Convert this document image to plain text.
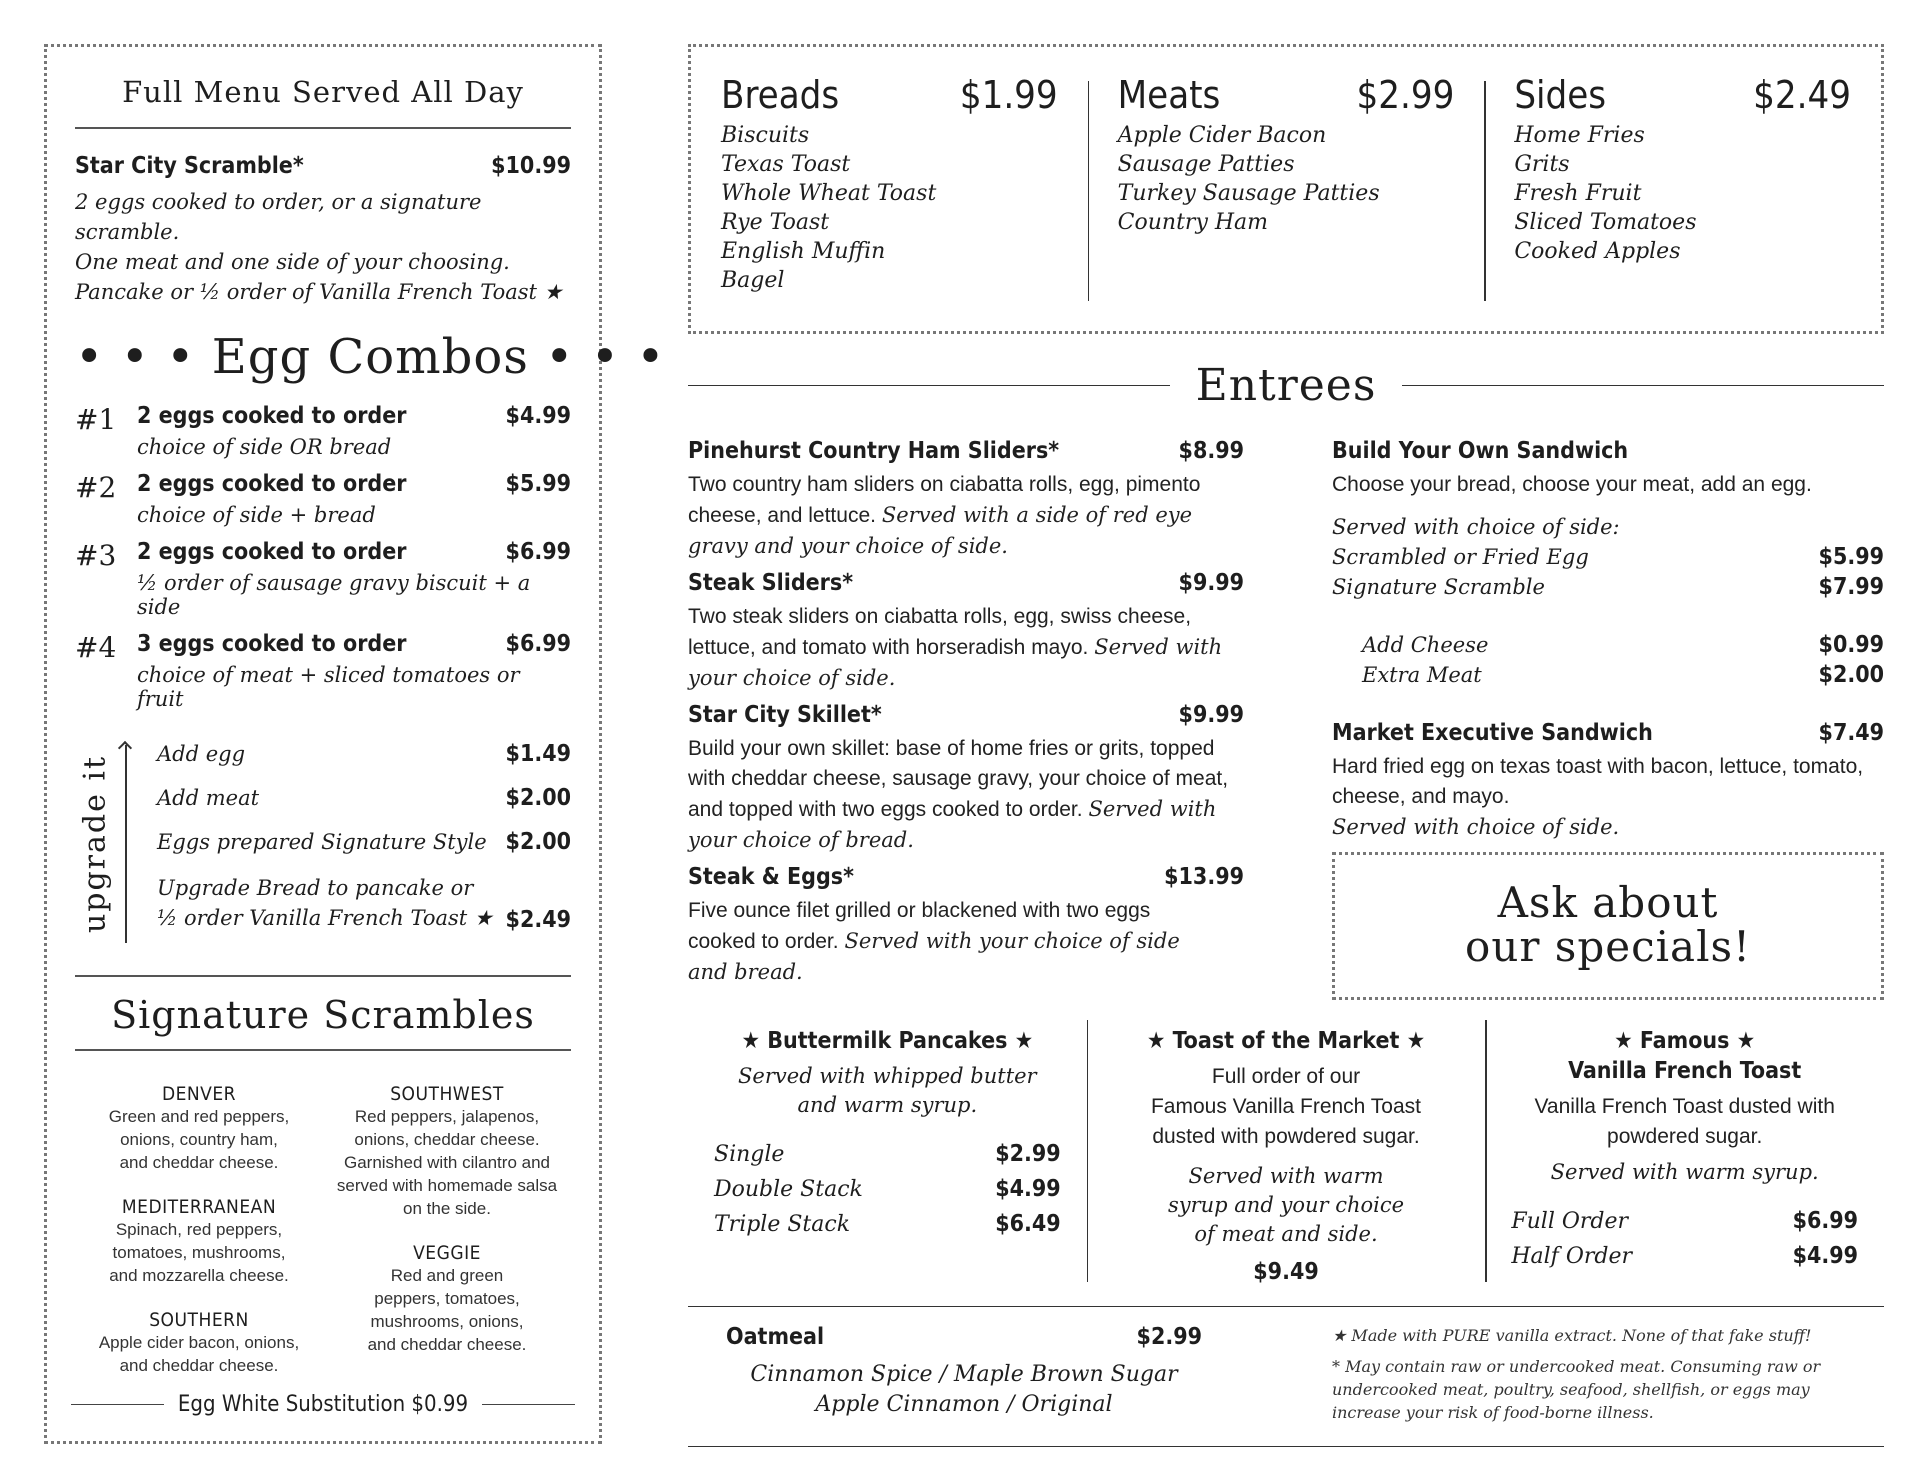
Full Menu Served All Day
Star City Scramble*	$10.99
2 eggs cooked to order, or a signature scramble.
One meat and one side of your choosing.
Pancake or ½ order of Vanilla French Toast ★
• • • Egg Combos • • •
#1 2 eggs cooked to order	$4.99
choice of side OR bread
#2 2 eggs cooked to order	$5.99
choice of side + bread
#3 2 eggs cooked to order	$6.99
½ order of sausage gravy biscuit + a side
#4 3 eggs cooked to order	$6.99
choice of meat + sliced tomatoes or fruit
upgrade it
Add egg	$1.49
Add meat	$2.00
Eggs prepared Signature Style $2.00
Upgrade Bread to pancake or
½ order Vanilla French Toast ★ $2.49
Signature Scrambles
DENVER
Green and red peppers,
onions, country ham,
and cheddar cheese.
MEDITERRANEAN
Spinach, red peppers,
tomatoes, mushrooms,
and mozzarella cheese.
SOUTHERN
Apple cider bacon, onions,
and cheddar cheese.
SOUTHWEST
Red peppers, jalapenos,
onions, cheddar cheese.
Garnished with cilantro and
served with homemade salsa
on the side.
VEGGIE
Red and green
peppers, tomatoes,
mushrooms, onions,
and cheddar cheese.
Egg White Substitution $0.99
Breads	$1.99
Biscuits
Texas Toast
Whole Wheat Toast
Rye Toast
English Muffin
Bagel
Meats	$2.99
Apple Cider Bacon
Sausage Patties
Turkey Sausage Patties
Country Ham
Sides	$2.49
Home Fries
Grits
Fresh Fruit
Sliced Tomatoes
Cooked Apples
Entrees
Pinehurst Country Ham Sliders*	$8.99
Two country ham sliders on ciabatta rolls, egg, pimento cheese, and lettuce. Served with a side of red eye gravy and your choice of side.
Steak Sliders*	$9.99
Two steak sliders on ciabatta rolls, egg, swiss cheese, lettuce, and tomato with horseradish mayo. Served with your choice of side.
Star City Skillet*	$9.99
Build your own skillet: base of home fries or grits, topped with cheddar cheese, sausage gravy, your choice of meat, and topped with two eggs cooked to order. Served with your choice of bread.
Steak & Eggs*	$13.99
Five ounce filet grilled or blackened with two eggs cooked to order. Served with your choice of side and bread.
Build Your Own Sandwich
Choose your bread, choose your meat, add an egg.
Served with choice of side:
Scrambled or Fried Egg	$5.99
Signature Scramble	$7.99
Add Cheese	$0.99
Extra Meat	$2.00
Market Executive Sandwich	$7.49
Hard fried egg on texas toast with bacon, lettuce, tomato, cheese, and mayo.
Served with choice of side.
Ask about
our specials!
★ Buttermilk Pancakes ★
Served with whipped butter
and warm syrup.
Single	$2.99
Double Stack	$4.99
Triple Stack	$6.49
★ Toast of the Market ★
Full order of our
Famous Vanilla French Toast
dusted with powdered sugar.
Served with warm
syrup and your choice
of meat and side.
$9.49
★ Famous ★
Vanilla French Toast
Vanilla French Toast dusted with
powdered sugar.
Served with warm syrup.
Full Order	$6.99
Half Order	$4.99
Oatmeal	$2.99
Cinnamon Spice / Maple Brown Sugar
Apple Cinnamon / Original
★ Made with PURE vanilla extract. None of that fake stuff!
* May contain raw or undercooked meat. Consuming raw or undercooked meat, poultry, seafood, shellfish, or eggs may increase your risk of food-borne illness.
